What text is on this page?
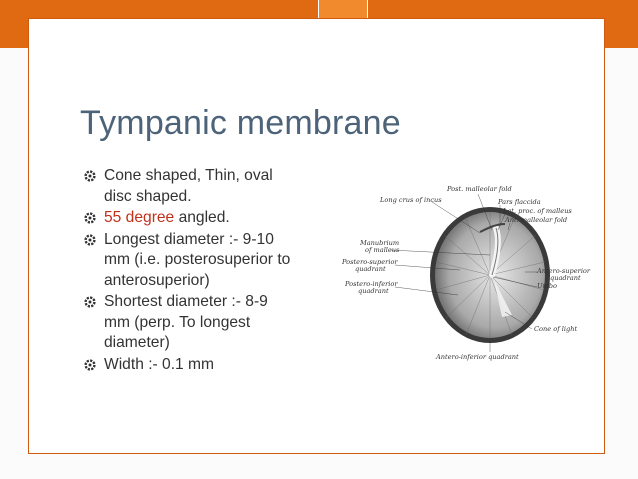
Tympanic membrane
Cone shaped, Thin, oval
disc shaped.
55 degree angled.
Longest diameter :- 9-10
mm (i.e. posterosuperior to
anterosuperior)
Shortest diameter :- 8-9
mm (perp. To longest
diameter)
Width :- 0.1 mm
Post. malleolar fold
Long crus of incus	Pars flaccida
Lat. proc. of malleus
Ant. malleolar fold
Manubrium
of malleus
Postero-superior
quadrant
Postero-inferior
quadrant
Antero-superior
quadrant
Umbo
Cone of light
Antero-inferior quadrant
